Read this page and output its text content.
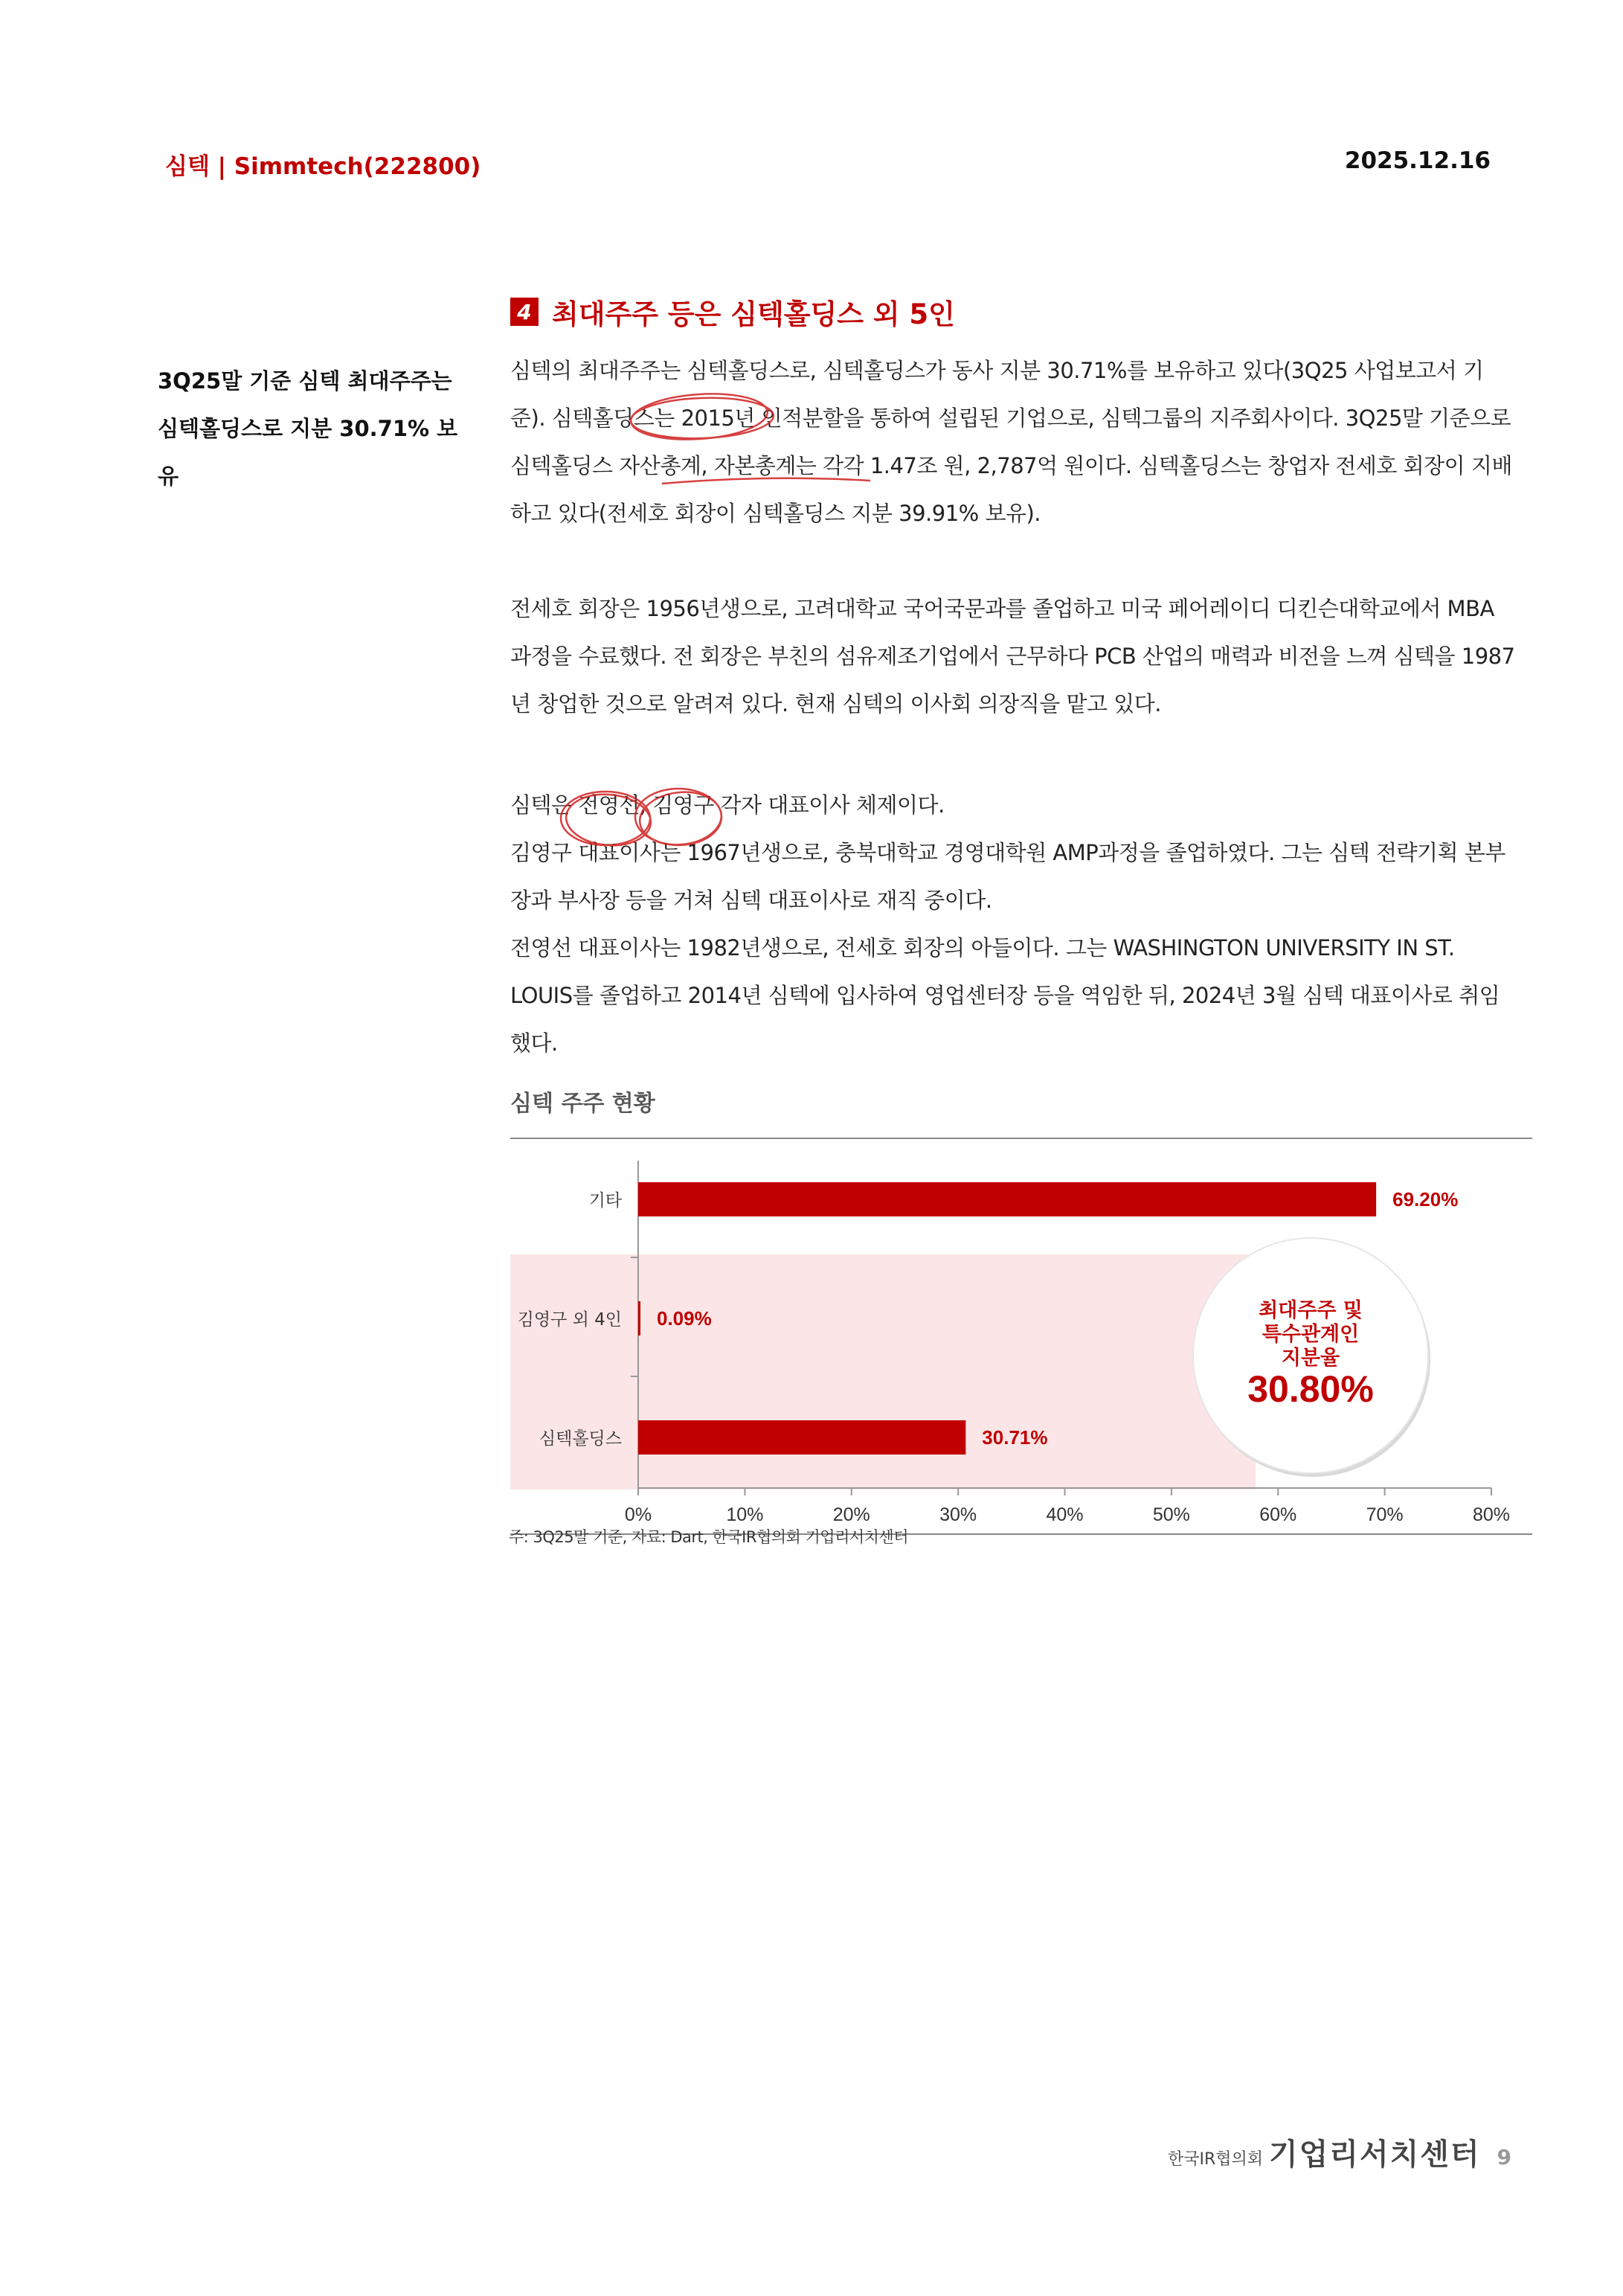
심텍 | Simmtech(222800)	2025.12.16
4 최대주주 등은 심텍홀딩스 외 5인
3Q25말 기준 심텍 최대주주는
심텍홀딩스로 지분 30.71% 보유

심텍의 최대주주는 심텍홀딩스로, 심텍홀딩스가 동사 지분 30.71%를 보유하고 있다(3Q25 사업보고서 기준). 심텍홀딩스는 2015년 인적분할을 통하여 설립된 기업으로, 심텍그룹의 지주회사이다. 3Q25말 기준으로 심텍홀딩스 자산총계, 자본총계는 각각 1.47조 원, 2,787억 원이다. 심텍홀딩스는 창업자 전세호 회장이 지배하고 있다(전세호 회장이 심텍홀딩스 지분 39.91% 보유).

전세호 회장은 1956년생으로, 고려대학교 국어국문과를 졸업하고 미국 페어레이디 디킨슨대학교에서 MBA 과정을 수료했다. 전 회장은 부친의 섬유제조기업에서 근무하다 PCB 산업의 매력과 비전을 느껴 심텍을 1987년 창업한 것으로 알려져 있다. 현재 심텍의 이사회 의장직을 맡고 있다.

심텍은 전영선, 김영구 각자 대표이사 체제이다.

김영구 대표이사는 1967년생으로, 충북대학교 경영대학원 AMP과정을 졸업하였다. 그는 심텍 전략기획 본부장과 부사장 등을 거쳐 심텍 대표이사로 재직 중이다.

전영선 대표이사는 1982년생으로, 전세호 회장의 아들이다. 그는 WASHINGTON UNIVERSITY IN ST. LOUIS를 졸업하고 2014년 심텍에 입사하여 영업센터장 등을 역임한 뒤, 2024년 3월 심텍 대표이사로 취임했다.

심텍 주주 현황
0%	10%	20%	30%	40%	50%	60%	70%	80%
기타	69.20%
김영구 외 4인 0.09%
심텍홀딩스	30.71%
최대주주 및
특수관계인
지분율
30.80%
주: 3Q25말 기준, 자료: Dart, 한국IR협의회 기업리서치센터
한국IR협의회 기업리서치센터 9
